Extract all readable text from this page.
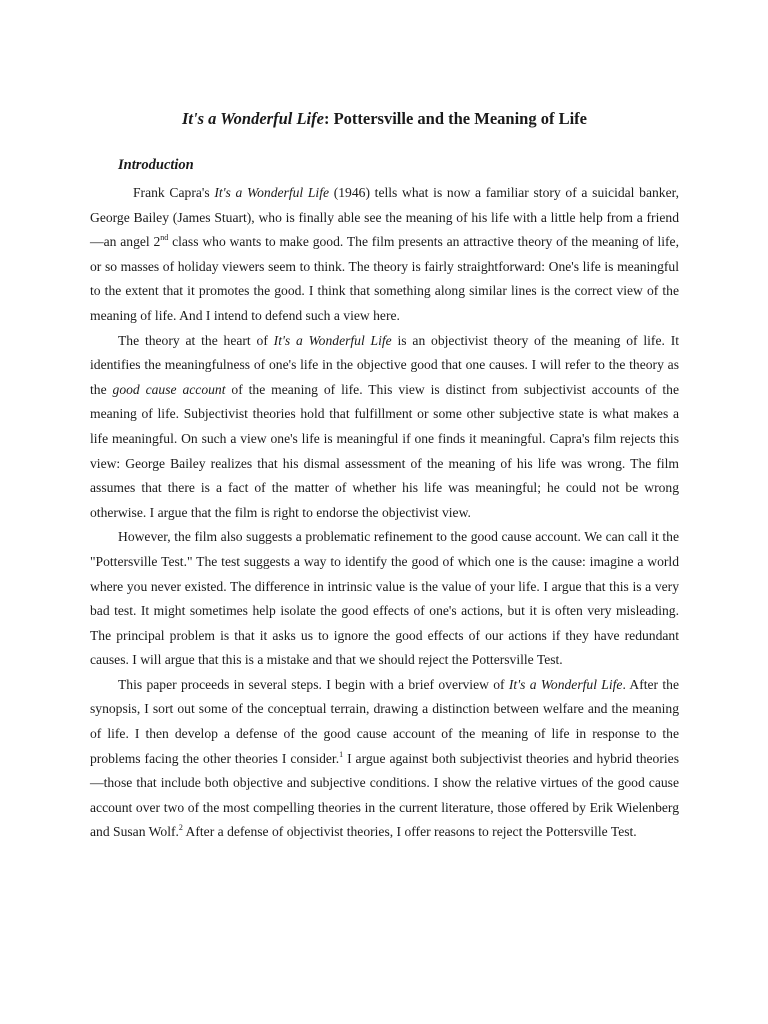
It's a Wonderful Life: Pottersville and the Meaning of Life
Introduction

Frank Capra's It's a Wonderful Life (1946) tells what is now a familiar story of a suicidal banker, George Bailey (James Stuart), who is finally able see the meaning of his life with a little help from a friend—an angel 2nd class who wants to make good. The film presents an attractive theory of the meaning of life, or so masses of holiday viewers seem to think. The theory is fairly straightforward: One's life is meaningful to the extent that it promotes the good. I think that something along similar lines is the correct view of the meaning of life. And I intend to defend such a view here.

The theory at the heart of It's a Wonderful Life is an objectivist theory of the meaning of life. It identifies the meaningfulness of one's life in the objective good that one causes. I will refer to the theory as the good cause account of the meaning of life. This view is distinct from subjectivist accounts of the meaning of life. Subjectivist theories hold that fulfillment or some other subjective state is what makes a life meaningful. On such a view one's life is meaningful if one finds it meaningful. Capra's film rejects this view: George Bailey realizes that his dismal assessment of the meaning of his life was wrong. The film assumes that there is a fact of the matter of whether his life was meaningful; he could not be wrong otherwise. I argue that the film is right to endorse the objectivist view.

However, the film also suggests a problematic refinement to the good cause account. We can call it the "Pottersville Test." The test suggests a way to identify the good of which one is the cause: imagine a world where you never existed. The difference in intrinsic value is the value of your life. I argue that this is a very bad test. It might sometimes help isolate the good effects of one's actions, but it is often very misleading. The principal problem is that it asks us to ignore the good effects of our actions if they have redundant causes. I will argue that this is a mistake and that we should reject the Pottersville Test.

This paper proceeds in several steps. I begin with a brief overview of It's a Wonderful Life. After the synopsis, I sort out some of the conceptual terrain, drawing a distinction between welfare and the meaning of life. I then develop a defense of the good cause account of the meaning of life in response to the problems facing the other theories I consider.$^1$ I argue against both subjectivist theories and hybrid theories—those that include both objective and subjective conditions. I show the relative virtues of the good cause account over two of the most compelling theories in the current literature, those offered by Erik Wielenberg and Susan Wolf.$^2$ After a defense of objectivist theories, I offer reasons to reject the Pottersville Test.
